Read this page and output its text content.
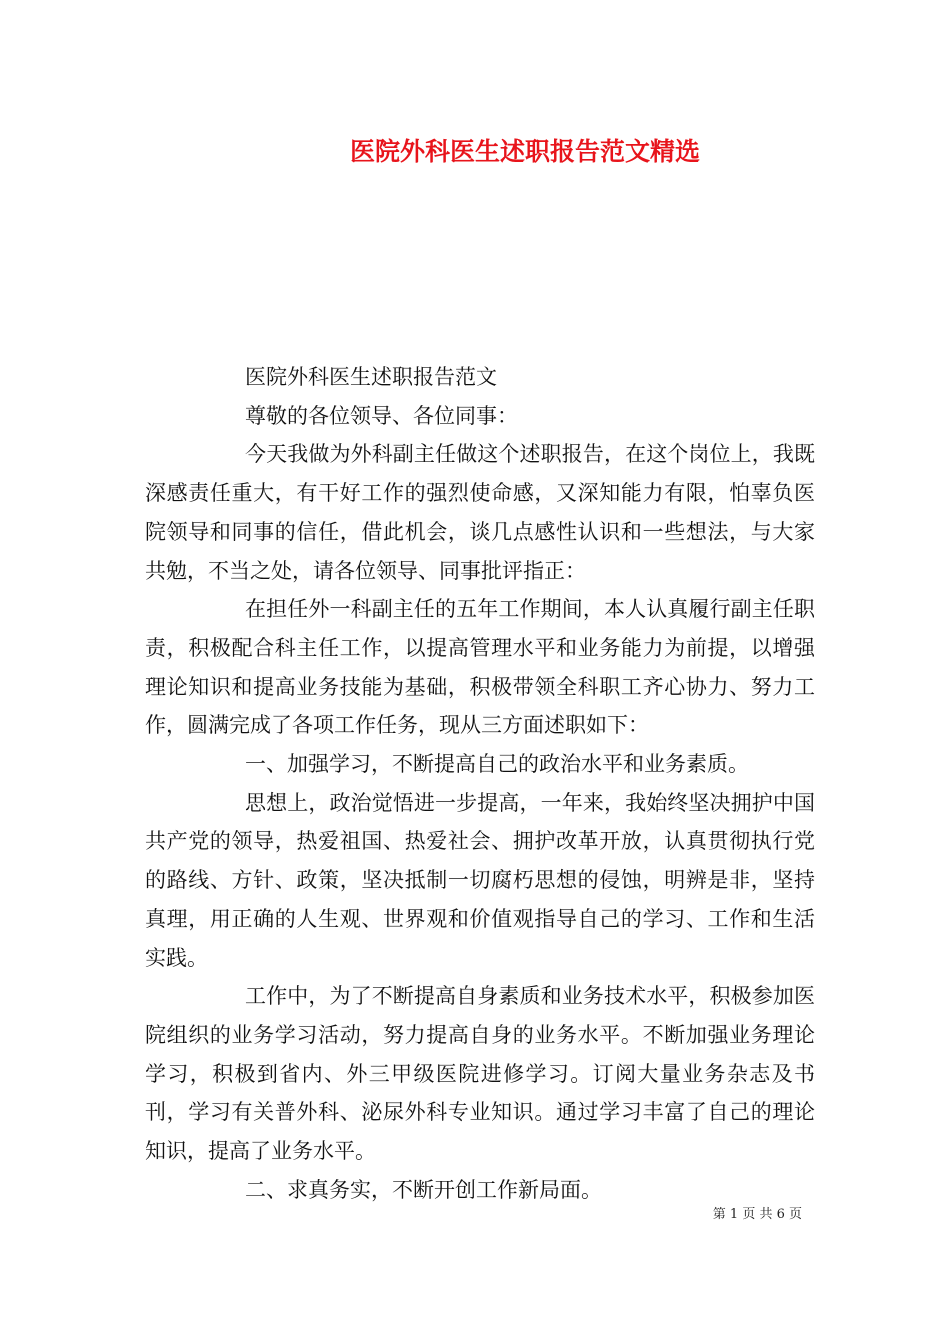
医院外科医生述职报告范文精选

医院外科医生述职报告范文

尊敬的各位领导、各位同事：

今天我做为外科副主任做这个述职报告，在这个岗位上，我既深感责任重大，有干好工作的强烈使命感，又深知能力有限，怕辜负医院领导和同事的信任，借此机会，谈几点感性认识和一些想法，与大家共勉，不当之处，请各位领导、同事批评指正：

在担任外一科副主任的五年工作期间，本人认真履行副主任职责，积极配合科主任工作，以提高管理水平和业务能力为前提，以增强理论知识和提高业务技能为基础，积极带领全科职工齐心协力、努力工作，圆满完成了各项工作任务，现从三方面述职如下：

一、加强学习，不断提高自己的政治水平和业务素质。

思想上，政治觉悟进一步提高，一年来，我始终坚决拥护中国共产党的领导，热爱祖国、热爱社会、拥护改革开放，认真贯彻执行党的路线、方针、政策，坚决抵制一切腐朽思想的侵蚀，明辨是非，坚持真理，用正确的人生观、世界观和价值观指导自己的学习、工作和生活实践。

工作中，为了不断提高自身素质和业务技术水平，积极参加医院组织的业务学习活动，努力提高自身的业务水平。不断加强业务理论学习，积极到省内、外三甲级医院进修学习。订阅大量业务杂志及书刊，学习有关普外科、泌尿外科专业知识。通过学习丰富了自己的理论知识，提高了业务水平。

二、求真务实，不断开创工作新局面。

第 1 页 共 6 页
